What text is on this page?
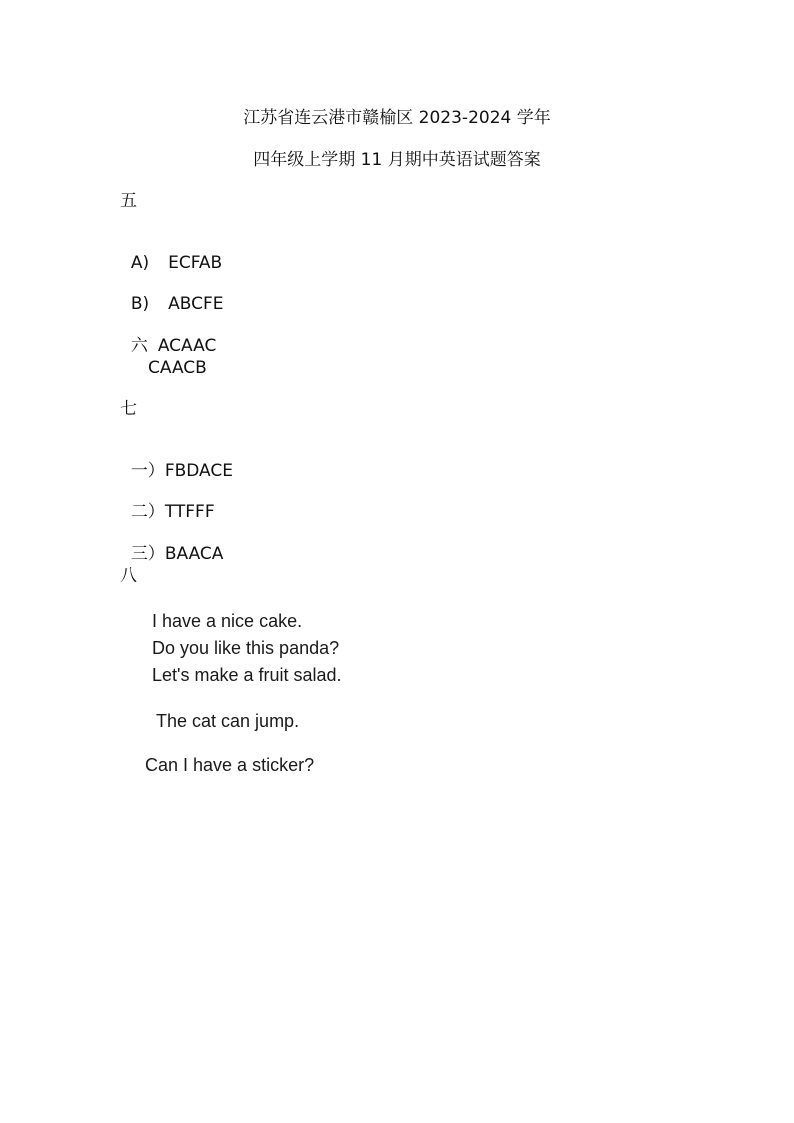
江苏省连云港市赣榆区 2023-2024 学年
四年级上学期 11 月期中英语试题答案
五

A) ECFAB

B) ABCFE

六 ACAAC

CAACB
七

一）FBDACE

二）TTFFF

三）BAACA

八
I have a nice cake.
Do you like this panda?
Let's make a fruit salad.
The cat can jump.
Can I have a sticker?
